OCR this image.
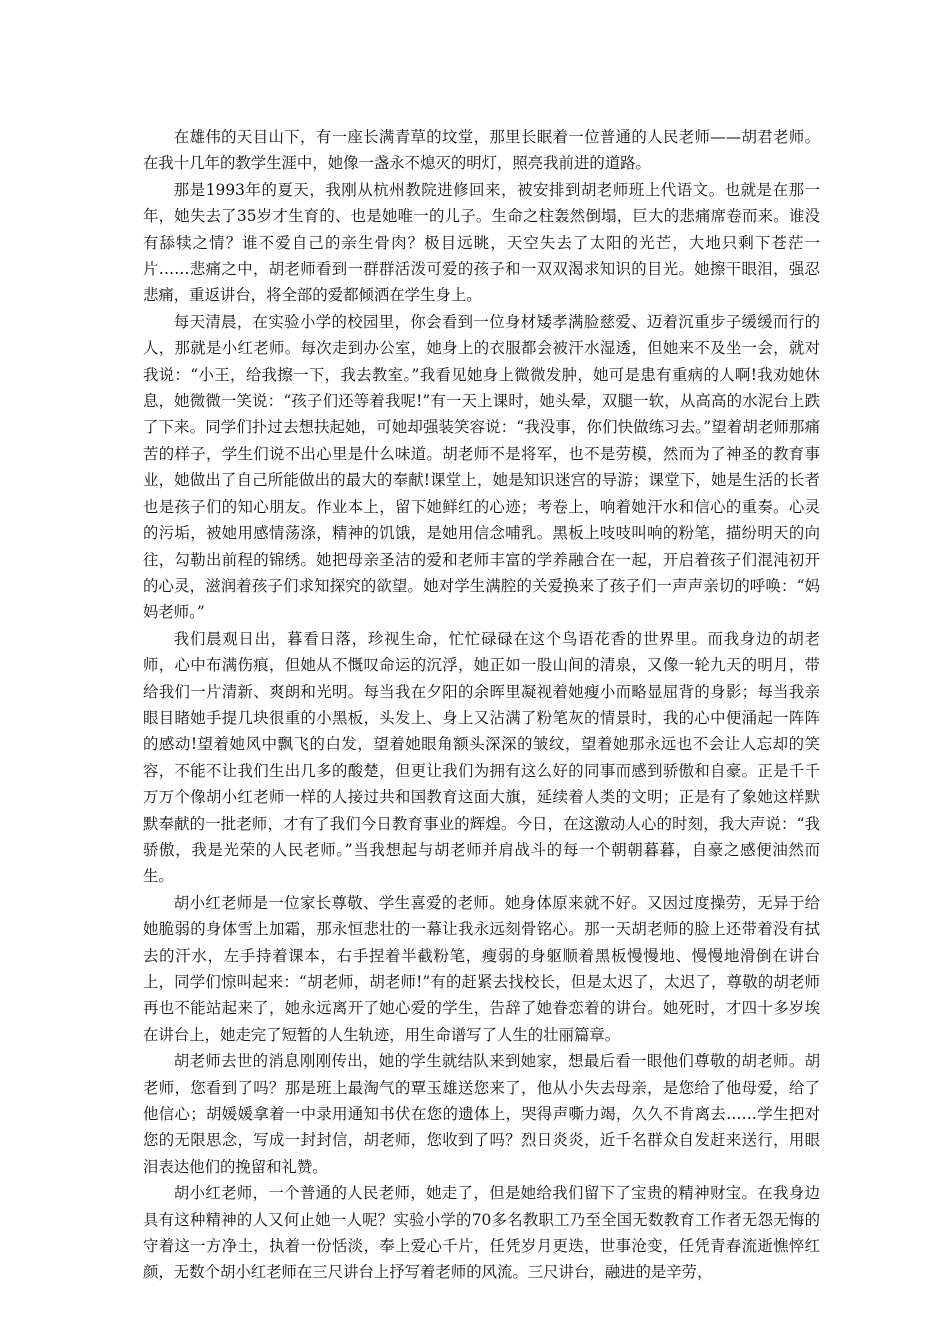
在雄伟的天目山下，有一座长满青草的坟堂，那里长眠着一位普通的人民老师——胡君老师。在我十几年的教学生涯中，她像一盏永不熄灭的明灯，照亮我前进的道路。

那是1993年的夏天，我刚从杭州教院进修回来，被安排到胡老师班上代语文。也就是在那一年，她失去了35岁才生育的、也是她唯一的儿子。生命之柱轰然倒塌，巨大的悲痛席卷而来。谁没有舔犊之情？谁不爱自己的亲生骨肉？极目远眺，天空失去了太阳的光芒，大地只剩下苍茫一片……悲痛之中，胡老师看到一群群活泼可爱的孩子和一双双渴求知识的目光。她擦干眼泪，强忍悲痛，重返讲台，将全部的爱都倾洒在学生身上。

每天清晨，在实验小学的校园里，你会看到一位身材矮孝满脸慈爱、迈着沉重步子缓缓而行的人，那就是小红老师。每次走到办公室，她身上的衣服都会被汗水湿透，但她来不及坐一会，就对我说：“小王，给我擦一下，我去教室。”我看见她身上微微发肿，她可是患有重病的人啊!我劝她休息，她微微一笑说：“孩子们还等着我呢!”有一天上课时，她头晕，双腿一软，从高高的水泥台上跌了下来。同学们扑过去想扶起她，可她却强装笑容说：“我没事，你们快做练习去。”望着胡老师那痛苦的样子，学生们说不出心里是什么味道。胡老师不是将军，也不是劳模，然而为了神圣的教育事业，她做出了自己所能做出的最大的奉献!课堂上，她是知识迷宫的导游；课堂下，她是生活的长者也是孩子们的知心朋友。作业本上，留下她鲜红的心迹；考卷上，响着她汗水和信心的重奏。心灵的污垢，被她用感情荡涤，精神的饥饿，是她用信念哺乳。黑板上吱吱叫响的粉笔，描纷明天的向往，勾勒出前程的锦绣。她把母亲圣洁的爱和老师丰富的学养融合在一起，开启着孩子们混沌初开的心灵，滋润着孩子们求知探究的欲望。她对学生满腔的关爱换来了孩子们一声声亲切的呼唤：“妈妈老师。”

我们晨观日出，暮看日落，珍视生命，忙忙碌碌在这个鸟语花香的世界里。而我身边的胡老师，心中布满伤痕，但她从不慨叹命运的沉浮，她正如一股山间的清泉，又像一轮九天的明月，带给我们一片清新、爽朗和光明。每当我在夕阳的余晖里凝视着她瘦小而略显屈背的身影；每当我亲眼目睹她手提几块很重的小黑板，头发上、身上又沾满了粉笔灰的情景时，我的心中便涌起一阵阵的感动!望着她风中飘飞的白发，望着她眼角额头深深的皱纹，望着她那永远也不会让人忘却的笑容，不能不让我们生出几多的酸楚，但更让我们为拥有这么好的同事而感到骄傲和自豪。正是千千万万个像胡小红老师一样的人接过共和国教育这面大旗，延续着人类的文明；正是有了象她这样默默奉献的一批老师，才有了我们今日教育事业的辉煌。今日，在这激动人心的时刻，我大声说：“我骄傲，我是光荣的人民老师。”当我想起与胡老师并肩战斗的每一个朝朝暮暮，自豪之感便油然而生。

胡小红老师是一位家长尊敬、学生喜爱的老师。她身体原来就不好。又因过度操劳，无异于给她脆弱的身体雪上加霜，那永恒悲壮的一幕让我永远刻骨铭心。那一天胡老师的脸上还带着没有拭去的汗水，左手持着课本，右手捏着半截粉笔，瘦弱的身躯顺着黑板慢慢地、慢慢地滑倒在讲台上，同学们惊叫起来：“胡老师，胡老师!”有的赶紧去找校长，但是太迟了，太迟了，尊敬的胡老师再也不能站起来了，她永远离开了她心爱的学生，告辞了她眷恋着的讲台。她死时，才四十多岁埃在讲台上，她走完了短暂的人生轨迹，用生命谱写了人生的壮丽篇章。

胡老师去世的消息刚刚传出，她的学生就结队来到她家，想最后看一眼他们尊敬的胡老师。胡老师，您看到了吗？那是班上最淘气的覃玉雄送您来了，他从小失去母亲，是您给了他母爱，给了他信心；胡媛媛拿着一中录用通知书伏在您的遗体上，哭得声嘶力竭，久久不肯离去……学生把对您的无限思念，写成一封封信，胡老师，您收到了吗？烈日炎炎，近千名群众自发赶来送行，用眼泪表达他们的挽留和礼赞。

胡小红老师，一个普通的人民老师，她走了，但是她给我们留下了宝贵的精神财宝。在我身边具有这种精神的人又何止她一人呢？实验小学的70多名教职工乃至全国无数教育工作者无怨无悔的守着这一方净土，执着一份恬淡，奉上爱心千片，任凭岁月更迭，世事沧变，任凭青春流逝憔悴红颜，无数个胡小红老师在三尺讲台上抒写着老师的风流。三尺讲台，融进的是辛劳，
